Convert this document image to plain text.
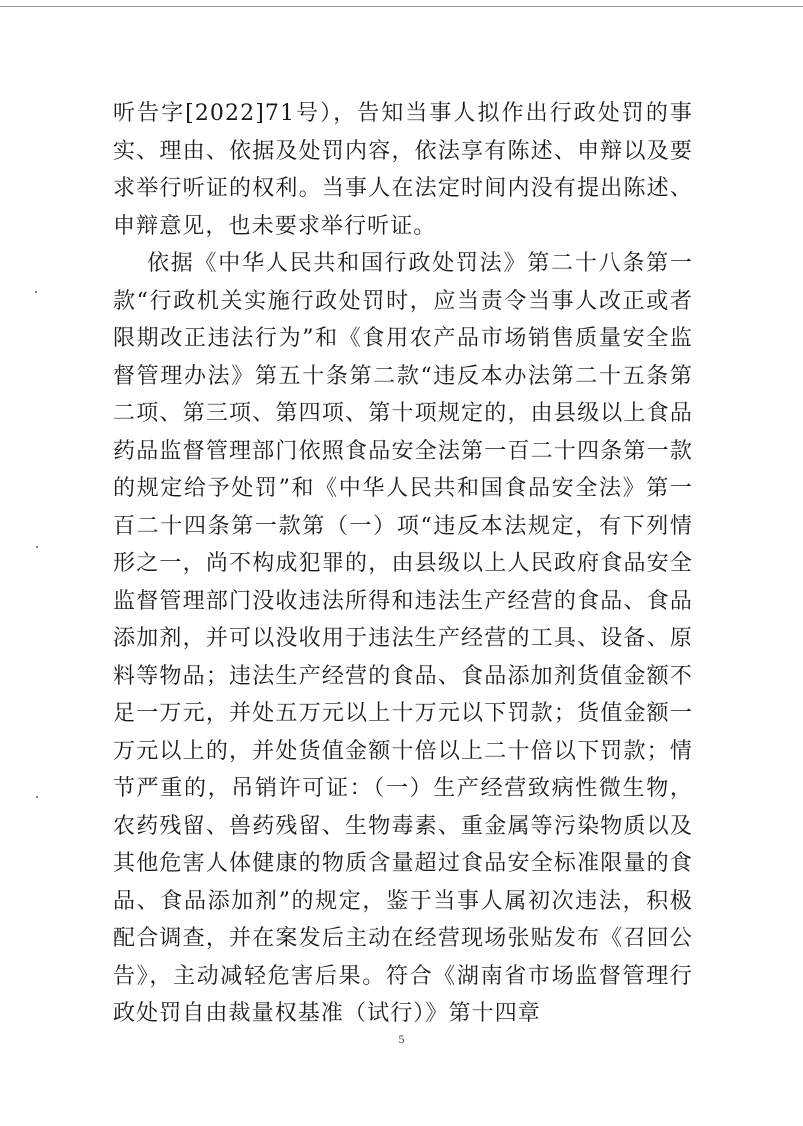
听告字[2022]71号），告知当事人拟作出行政处罚的事实、理由、依据及处罚内容，依法享有陈述、申辩以及要求举行听证的权利。当事人在法定时间内没有提出陈述、申辩意见，也未要求举行听证。

依据《中华人民共和国行政处罚法》第二十八条第一款“行政机关实施行政处罚时，应当责令当事人改正或者限期改正违法行为”和《食用农产品市场销售质量安全监督管理办法》第五十条第二款“违反本办法第二十五条第二项、第三项、第四项、第十项规定的，由县级以上食品药品监督管理部门依照食品安全法第一百二十四条第一款的规定给予处罚”和《中华人民共和国食品安全法》第一百二十四条第一款第（一）项“违反本法规定，有下列情形之一，尚不构成犯罪的，由县级以上人民政府食品安全监督管理部门没收违法所得和违法生产经营的食品、食品添加剂，并可以没收用于违法生产经营的工具、设备、原料等物品；违法生产经营的食品、食品添加剂货值金额不足一万元，并处五万元以上十万元以下罚款；货值金额一万元以上的，并处货值金额十倍以上二十倍以下罚款；情节严重的，吊销许可证：（一）生产经营致病性微生物，农药残留、兽药残留、生物毒素、重金属等污染物质以及其他危害人体健康的物质含量超过食品安全标准限量的食品、食品添加剂”的规定，鉴于当事人属初次违法，积极配合调查，并在案发后主动在经营现场张贴发布《召回公告》，主动减轻危害后果。符合《湖南省市场监督管理行政处罚自由裁量权基准（试行）》第十四章

5
